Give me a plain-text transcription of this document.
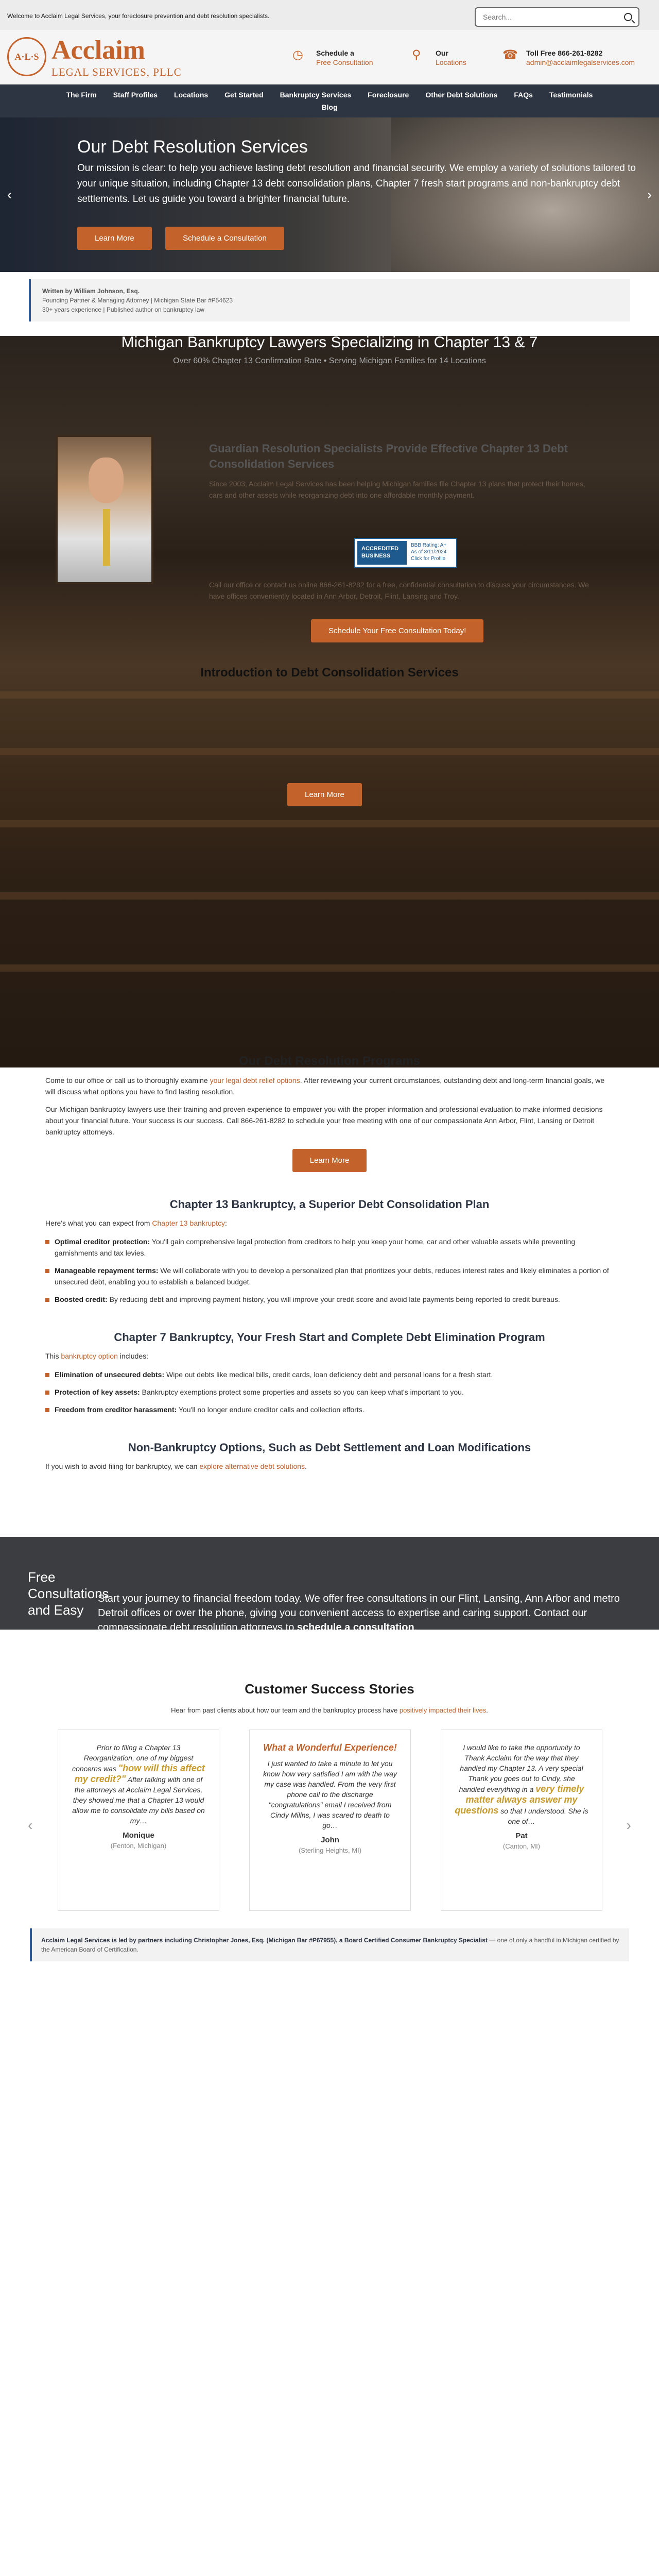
Welcome to Acclaim Legal Services, your foreclosure prevention and debt resolution specialists.
Search...
A·L·S Acclaim
LEGAL SERVICES, PLLC
◷	Schedule a
Free Consultation
⚲	Our
Locations
☎ Toll Free 866-261-8282
admin@acclaimlegalservices.com
The Firm	Staff Profiles	Locations	Get Started	Bankruptcy Services	Foreclosure	Other Debt Solutions	FAQs	Testimonials
Blog
‹	›
Our Debt Resolution Services

Our mission is clear: to help you achieve lasting debt resolution and financial security. We employ a variety of solutions tailored to your unique situation, including Chapter 13 debt consolidation plans, Chapter 7 fresh start programs and non-bankruptcy debt settlements. Let us guide you toward a brighter financial future.

Learn More	Schedule a Consultation
Written by William Johnson, Esq.
Founding Partner & Managing Attorney | Michigan State Bar #P54623
30+ years experience | Published author on bankruptcy law
Michigan Bankruptcy Lawyers Specializing in Chapter 13 & 7
Over 60% Chapter 13 Confirmation Rate • Serving Michigan Families for 14 Locations
Guardian Resolution Specialists Provide Effective Chapter 13 Debt Consolidation Services
Since 2003, Acclaim Legal Services has been helping Michigan families file Chapter 13 plans that protect their homes, cars and other assets while reorganizing debt into one affordable monthly payment.
ACCREDITED BUSINESS
BBB Rating: A+
As of 3/11/2024
Click for Profile
Call our office or contact us online 866-261-8282 for a free, confidential consultation to discuss your circumstances. We have offices conveniently located in Ann Arbor, Detroit, Flint, Lansing and Troy.
Schedule Your Free Consultation Today!
Introduction to Debt Consolidation Services
Learn More
Our Debt Resolution Programs

Come to our office or call us to thoroughly examine your legal debt relief options. After reviewing your current circumstances, outstanding debt and long-term financial goals, we will discuss what options you have to find lasting resolution.

Our Michigan bankruptcy lawyers use their training and proven experience to empower you with the proper information and professional evaluation to make informed decisions about your financial future. Your success is our success. Call 866-261-8282 to schedule your free meeting with one of our compassionate Ann Arbor, Flint, Lansing or Detroit bankruptcy attorneys.

Learn More
Chapter 13 Bankruptcy, a Superior Debt Consolidation Plan

Here's what you can expect from Chapter 13 bankruptcy:

Optimal creditor protection: You'll gain comprehensive legal protection from creditors to help you keep your home, car and other valuable assets while preventing garnishments and tax levies.
Manageable repayment terms: We will collaborate with you to develop a personalized plan that prioritizes your debts, reduces interest rates and likely eliminates a portion of unsecured debt, enabling you to establish a balanced budget.
Boosted credit: By reducing debt and improving payment history, you will improve your credit score and avoid late payments being reported to credit bureaus.
Chapter 7 Bankruptcy, Your Fresh Start and Complete Debt Elimination Program

This bankruptcy option includes:

Elimination of unsecured debts: Wipe out debts like medical bills, credit cards, loan deficiency debt and personal loans for a fresh start.
Protection of key assets: Bankruptcy exemptions protect some properties and assets so you can keep what's important to you.
Freedom from creditor harassment: You'll no longer endure creditor calls and collection efforts.
Non-Bankruptcy Options, Such as Debt Settlement and Loan Modifications

If you wish to avoid filing for bankruptcy, we can explore alternative debt solutions.

Free Consultations and Easy
Start your journey to financial freedom today. We offer free consultations in our Flint, Lansing, Ann Arbor and metro Detroit offices or over the phone, giving you convenient access to expertise and caring support. Contact our compassionate debt resolution attorneys to schedule a consultation.
Customer Success Stories
Hear from past clients about how our team and the bankruptcy process have positively impacted their lives.
‹	›
Prior to filing a Chapter 13 Reorganization, one of my biggest concerns was "how will this affect my credit?" After talking with one of the attorneys at Acclaim Legal Services, they showed me that a Chapter 13 would allow me to consolidate my bills based on my…
Monique
(Fenton, Michigan)
What a Wonderful Experience!
I just wanted to take a minute to let you know how very satisfied I am with the way my case was handled. From the very first phone call to the discharge "congratulations" email I received from Cindy Millns, I was scared to death to go…
John
(Sterling Heights, MI)
I would like to take the opportunity to Thank Acclaim for the way that they handled my Chapter 13. A very special Thank you goes out to Cindy, she handled everything in a very timely matter always answer my questions so that I understood. She is one of…
Pat
(Canton, MI)
Acclaim Legal Services is led by partners including Christopher Jones, Esq. (Michigan Bar #P67955), a Board Certified Consumer Bankruptcy Specialist — one of only a handful in Michigan certified by the American Board of Certification.
